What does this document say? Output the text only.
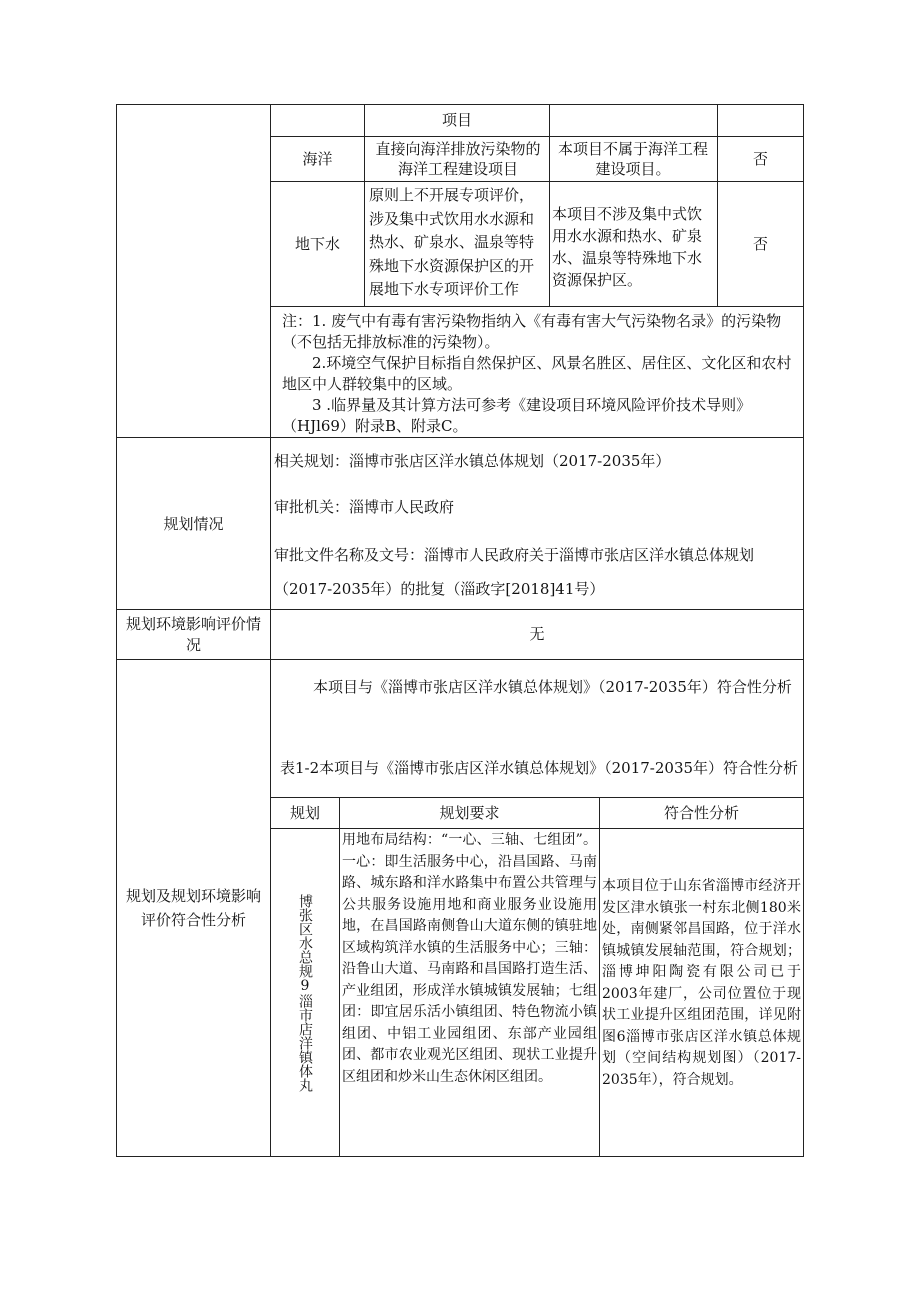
项目
海洋
直接向海洋排放污染物的海洋工程建设项目
本项目不属于海洋工程建设项目。
否
地下水
原则上不开展专项评价，涉及集中式饮用水水源和热水、矿泉水、温泉等特殊地下水资源保护区的开展地下水专项评价工作
本项目不涉及集中式饮用水水源和热水、矿泉水、温泉等特殊地下水资源保护区。
否
注：1. 废气中有毒有害污染物指纳入《有毒有害大气污染物名录》的污染物（不包括无排放标准的污染物）。
2.环境空气保护目标指自然保护区、风景名胜区、居住区、文化区和农村地区中人群较集中的区域。
3 .临界量及其计算方法可参考《建设项目环境风险评价技术导则》（HJl69）附录B、附录C。
规划情况
相关规划：淄博市张店区洋水镇总体规划（2017-2035年）
审批机关：淄博市人民政府
审批文件名称及文号：淄博市人民政府关于淄博市张店区洋水镇总体规划（2017-2035年）的批复（淄政字[2018]41号）
规划环境影响评价情况
无
规划及规划环境影响评价符合性分析
本项目与《淄博市张店区洋水镇总体规划》（2017-2035年）符合性分析
表1-2本项目与《淄博市张店区洋水镇总体规划》（2017-2035年）符合性分析
规划	规划要求	符合性分析
博张区水总规9淄市店洋镇体丸
用地布局结构：“一心、三轴、七组团”。一心：即生活服务中心，沿昌国路、马南路、城东路和洋水路集中布置公共管理与公共服务设施用地和商业服务业设施用地，在昌国路南侧鲁山大道东侧的镇驻地区域构筑洋水镇的生活服务中心；三轴：沿鲁山大道、马南路和昌国路打造生活、产业组团，形成洋水镇城镇发展轴；七组团：即宜居乐活小镇组团、特色物流小镇组团、中铝工业园组团、东部产业园组团、都市农业观光区组团、现状工业提升区组团和炒米山生态休闲区组团。
本项目位于山东省淄博市经济开发区津水镇张一村东北侧180米处，南侧紧邻昌国路，位于洋水镇城镇发展轴范围，符合规划；淄博坤阳陶瓷有限公司已于2003年建厂，公司位置位于现状工业提升区组团范围，详见附图6淄博市张店区洋水镇总体规划（空间结构规划图）（2017-2035年），符合规划。
